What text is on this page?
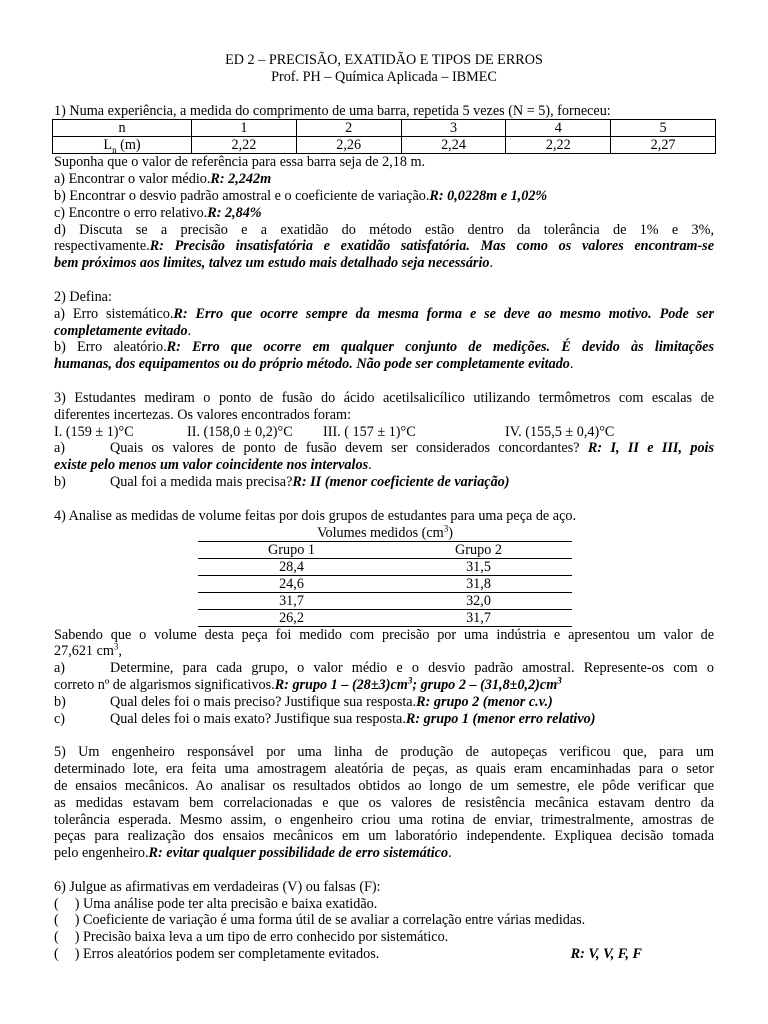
ED 2 – PRECISÃO, EXATIDÃO E TIPOS DE ERROS
Prof. PH – Química Aplicada – IBMEC
1) Numa experiência, a medida do comprimento de uma barra, repetida 5 vezes (N = 5), forneceu:
n	1	2	3	4	5
$L_n$ (m)	2,22	2,26	2,24	2,22	2,27
Suponha que o valor de referência para essa barra seja de 2,18 m.
a) Encontrar o valor médio.R: 2,242m
b) Encontrar o desvio padrão amostral e o coeficiente de variação.R: 0,0228m e 1,02%
c) Encontre o erro relativo.R: 2,84%
d) Discuta se a precisão e a exatidão do método estão dentro da tolerância de 1% e 3%,
respectivamente.R: Precisão insatisfatória e exatidão satisfatória. Mas como os valores encontram-se
bem próximos aos limites, talvez um estudo mais detalhado seja necessário.
2) Defina:
a) Erro sistemático.R: Erro que ocorre sempre da mesma forma e se deve ao mesmo motivo. Pode ser
completamente evitado.
b) Erro aleatório.R: Erro que ocorre em qualquer conjunto de medições. É devido às limitações
humanas, dos equipamentos ou do próprio método. Não pode ser completamente evitado.
3) Estudantes mediram o ponto de fusão do ácido acetilsalicílico utilizando termômetros com escalas de
diferentes incertezas. Os valores encontrados foram:
I. (159 ± 1)°C	II. (158,0 ± 0,2)°C III. ( 157 ± 1)°C	IV. (155,5 ± 0,4)°C
a)	Quais os valores de ponto de fusão devem ser considerados concordantes? R: I, II e III, pois
existe pelo menos um valor coincidente nos intervalos.
b)	Qual foi a medida mais precisa?R: II (menor coeficiente de variação)
4) Analise as medidas de volume feitas por dois grupos de estudantes para uma peça de aço.
Volumes medidos $(cm^3)$
Grupo 1	Grupo 2
28,4	31,5
24,6	31,8
31,7	32,0
26,2	31,7
Sabendo que o volume desta peça foi medido com precisão por uma indústria e apresentou um valor de
27,621 $cm^3$,
a)	Determine, para cada grupo, o valor médio e o desvio padrão amostral. Represente-os com o
correto nº de algarismos significativos.R: grupo $1 - (28\pm 3)cm^3$; grupo $2 - (31,8\pm 0,2)cm^3$
b)	Qual deles foi o mais preciso? Justifique sua resposta.R: grupo 2 (menor c.v.)
c)	Qual deles foi o mais exato? Justifique sua resposta.R: grupo 1 (menor erro relativo)
5) Um engenheiro responsável por uma linha de produção de autopeças verificou que, para um
determinado lote, era feita uma amostragem aleatória de peças, as quais eram encaminhadas para o setor
de ensaios mecânicos. Ao analisar os resultados obtidos ao longo de um semestre, ele pôde verificar que
as medidas estavam bem correlacionadas e que os valores de resistência mecânica estavam dentro da
tolerância esperada. Mesmo assim, o engenheiro criou uma rotina de enviar, trimestralmente, amostras de
peças para realização dos ensaios mecânicos em um laboratório independente. Expliquea decisão tomada
pelo engenheiro.R: evitar qualquer possibilidade de erro sistemático.
6) Julgue as afirmativas em verdadeiras (V) ou falsas (F):
( ) Uma análise pode ter alta precisão e baixa exatidão.
( ) Coeficiente de variação é uma forma útil de se avaliar a correlação entre várias medidas.
( ) Precisão baixa leva a um tipo de erro conhecido por sistemático.
( ) Erros aleatórios podem ser completamente evitados.	R: V, V, F, F
